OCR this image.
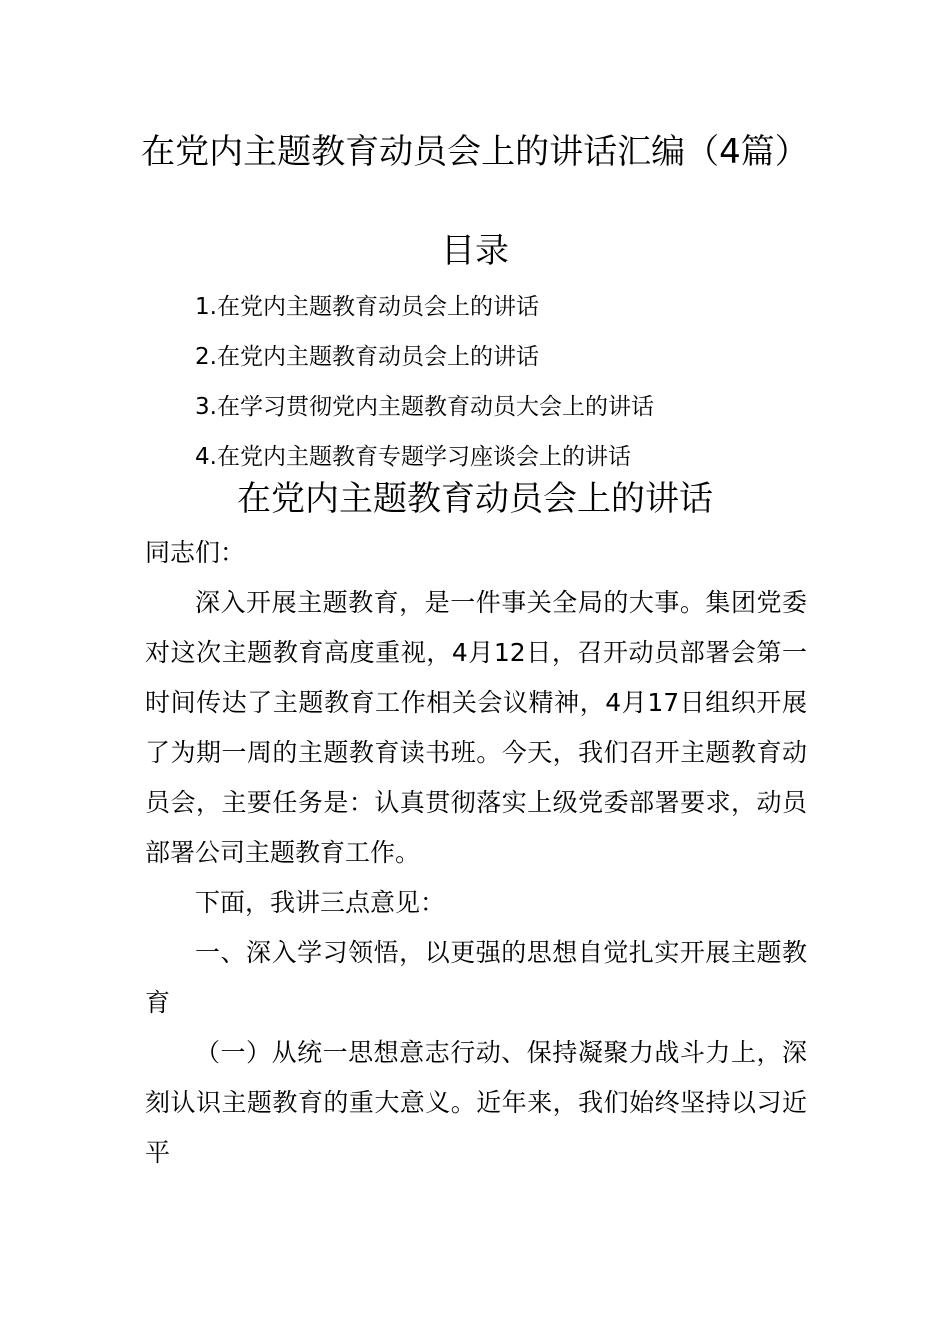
在党内主题教育动员会上的讲话汇编（4篇）
目录
1.在党内主题教育动员会上的讲话
2.在党内主题教育动员会上的讲话
3.在学习贯彻党内主题教育动员大会上的讲话
4.在党内主题教育专题学习座谈会上的讲话
在党内主题教育动员会上的讲话

同志们：

深入开展主题教育，是一件事关全局的大事。集团党委对这次主题教育高度重视，4月12日，召开动员部署会第一时间传达了主题教育工作相关会议精神，4月17日组织开展了为期一周的主题教育读书班。今天，我们召开主题教育动员会，主要任务是：认真贯彻落实上级党委部署要求，动员部署公司主题教育工作。

下面，我讲三点意见：

一、深入学习领悟，以更强的思想自觉扎实开展主题教育

（一）从统一思想意志行动、保持凝聚力战斗力上，深刻认识主题教育的重大意义。近年来，我们始终坚持以习近平
